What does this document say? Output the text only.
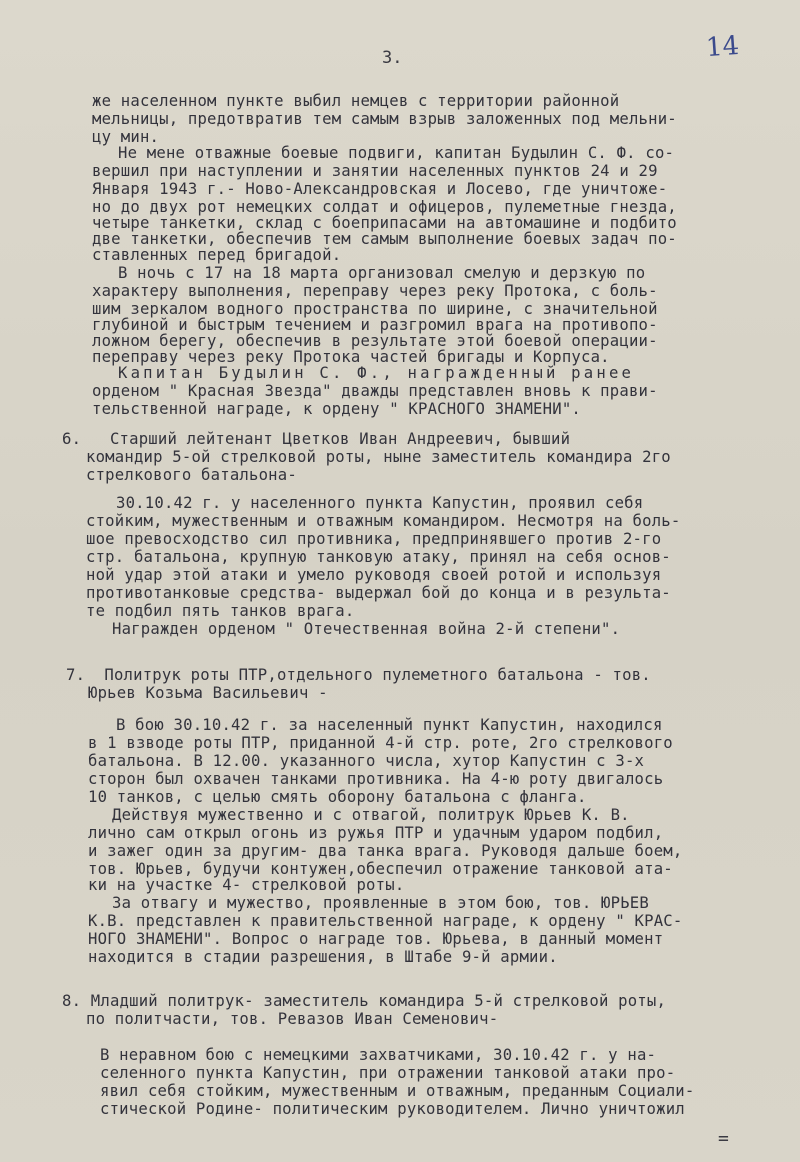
14
3.
же населенном пункте выбил немцев с территории районной
мельницы, предотвратив тем самым взрыв заложенных под мельни-
цу мин.
Не мене отважные боевые подвиги, капитан Будылин С. Ф. со-
вершил при наступлении и занятии населенных пунктов 24 и 29
Января 1943 г.- Ново-Александровская и Лосево, где уничтоже-
но до двух рот немецких солдат и офицеров, пулеметные гнезда,
четыре танкетки, склад с боеприпасами на автомашине и подбито
две танкетки, обеспечив тем самым выполнение боевых задач по-
ставленных перед бригадой.
В ночь с 17 на 18 марта организовал смелую и дерзкую по
характеру выполнения, переправу через реку Протока, с боль-
шим зеркалом водного пространства по ширине, с значительной
глубиной и быстрым течением и разгромил врага на противопо-
ложном берегу, обеспечив в результате этой боевой операции-
переправу через реку Протока частей бригады и Корпуса.
Капитан Будылин С. Ф., награжденный ранее
орденом " Красная Звезда" дважды представлен вновь к прави-
тельственной награде, к ордену " КРАСНОГО ЗНАМЕНИ".
6.   Старший лейтенант Цветков Иван Андреевич, бывший
командир 5-ой стрелковой роты, ныне заместитель командира 2го
стрелкового батальона-
30.10.42 г. у населенного пункта Капустин, проявил себя
стойким, мужественным и отважным командиром. Несмотря на боль-
шое превосходство сил противника, предпринявшего против 2-го
стр. батальона, крупную танковую атаку, принял на себя основ-
ной удар этой атаки и умело руководя своей ротой и используя
противотанковые средства- выдержал бой до конца и в результа-
те подбил пять танков врага.
Награжден орденом " Отечественная война 2-й степени".
7.  Политрук роты ПТР,отдельного пулеметного батальона - тов.
Юрьев Козьма Васильевич -
В бою 30.10.42 г. за населенный пункт Капустин, находился
в 1 взводе роты ПТР, приданной 4-й стр. роте, 2го стрелкового
батальона. В 12.00. указанного числа, хутор Капустин с 3-х
сторон был охвачен танками противника. На 4-ю роту двигалось
10 танков, с целью смять оборону батальона с фланга.
Действуя мужественно и с отвагой, политрук Юрьев К. В.
лично сам открыл огонь из ружья ПТР и удачным ударом подбил,
и зажег один за другим- два танка врага. Руководя дальше боем,
тов. Юрьев, будучи контужен,обеспечил отражение танковой ата-
ки на участке 4- стрелковой роты.
За отвагу и мужество, проявленные в этом бою, тов. ЮРЬЕВ
К.В. представлен к правительственной награде, к ордену " КРАС-
НОГО ЗНАМЕНИ". Вопрос о награде тов. Юрьева, в данный момент
находится в стадии разрешения, в Штабе 9-й армии.
8. Младший политрук- заместитель командира 5-й стрелковой роты,
по политчасти, тов. Ревазов Иван Семенович-
В неравном бою с немецкими захватчиками, 30.10.42 г. у на-
селенного пункта Капустин, при отражении танковой атаки про-
явил себя стойким, мужественным и отважным, преданным Социали-
стической Родине- политическим руководителем. Лично уничтожил
=
